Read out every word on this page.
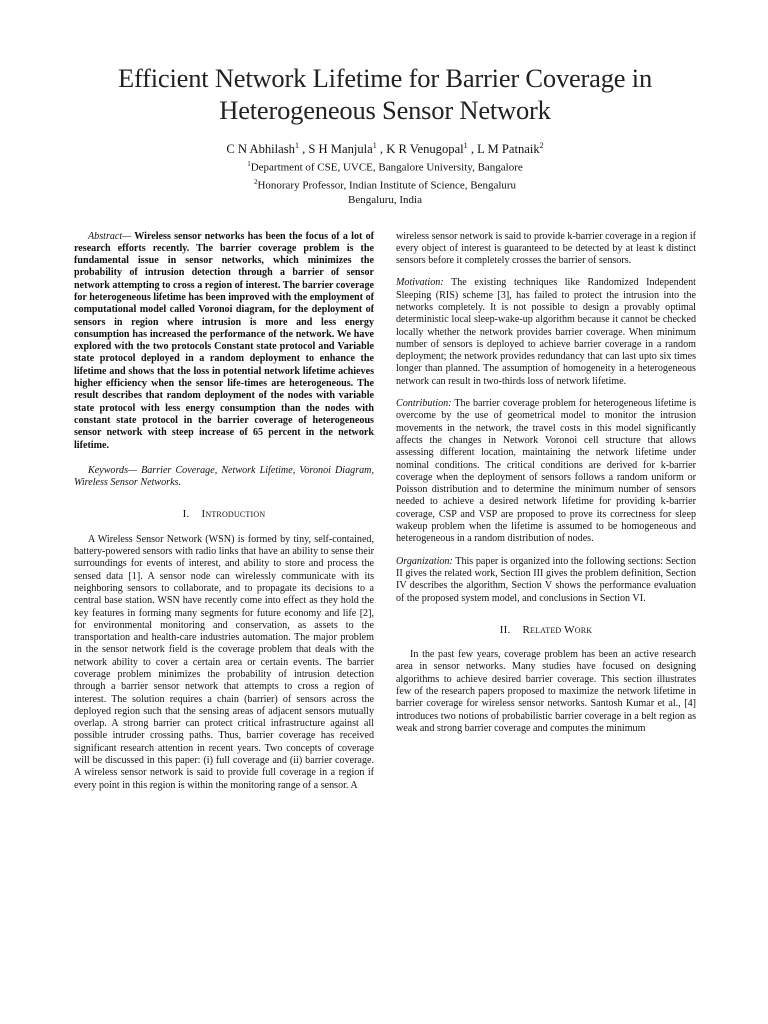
Efficient Network Lifetime for Barrier Coverage in
Heterogeneous Sensor Network
C N Abhilash$^1$ , S H Manjula$^1$ , K R Venugopal$^1$ , L M Patnaik$^2$
$^1$Department of CSE, UVCE, Bangalore University, Bangalore
$^2$Honorary Professor, Indian Institute of Science, Bengaluru
Bengaluru, India

Abstract— Wireless sensor networks has been the focus of a lot of research efforts recently. The barrier coverage problem is the fundamental issue in sensor networks, which minimizes the probability of intrusion detection through a barrier of sensor network attempting to cross a region of interest. The barrier coverage for heterogeneous lifetime has been improved with the employment of computational model called Voronoi diagram, for the deployment of sensors in region where intrusion is more and less energy consumption has increased the performance of the network. We have explored with the two protocols Constant state protocol and Variable state protocol deployed in a random deployment to enhance the lifetime and shows that the loss in potential network lifetime achieves higher efficiency when the sensor life-times are heterogeneous. The result describes that random deployment of the nodes with variable state protocol with less energy consumption than the nodes with constant state protocol in the barrier coverage of heterogeneous sensor network with steep increase of 65 percent in the network lifetime.

Keywords— Barrier Coverage, Network Lifetime, Voronoi Diagram, Wireless Sensor Networks.

I. Introduction

A Wireless Sensor Network (WSN) is formed by tiny, self-contained, battery-powered sensors with radio links that have an ability to sense their surroundings for events of interest, and ability to store and process the sensed data [1]. A sensor node can wirelessly communicate with its neighboring sensors to collaborate, and to propagate its decisions to a central base station. WSN have recently come into effect as they hold the key features in forming many segments for future economy and life [2], for environmental monitoring and conservation, as assets to the transportation and health-care industries automation. The major problem in the sensor network field is the coverage problem that deals with the network ability to cover a certain area or certain events. The barrier coverage problem minimizes the probability of intrusion detection through a barrier sensor network that attempts to cross a region of interest. The solution requires a chain (barrier) of sensors across the deployed region such that the sensing areas of adjacent sensors mutually overlap. A strong barrier can protect critical infrastructure against all possible intruder crossing paths. Thus, barrier coverage has received significant research attention in recent years. Two concepts of coverage will be discussed in this paper: (i) full coverage and (ii) barrier coverage. A wireless sensor network is said to provide full coverage in a region if every point in this region is within the monitoring range of a sensor. A

wireless sensor network is said to provide k-barrier coverage in a region if every object of interest is guaranteed to be detected by at least k distinct sensors before it completely crosses the barrier of sensors.

Motivation: The existing techniques like Randomized Independent Sleeping (RIS) scheme [3], has failed to protect the intrusion into the networks completely. It is not possible to design a provably optimal deterministic local sleep-wake-up algorithm because it cannot be checked locally whether the network provides barrier coverage. When minimum number of sensors is deployed to achieve barrier coverage in a random deployment; the network provides redundancy that can last upto six times longer than planned. The assumption of homogeneity in a heterogeneous network can result in two-thirds loss of network lifetime.

Contribution: The barrier coverage problem for heterogeneous lifetime is overcome by the use of geometrical model to monitor the intrusion movements in the network, the travel costs in this model significantly affects the changes in Network Voronoi cell structure that allows assessing different location, maintaining the network lifetime under nominal conditions. The critical conditions are derived for k-barrier coverage when the deployment of sensors follows a random uniform or Poisson distribution and to determine the minimum number of sensors needed to achieve a desired network lifetime for providing k-barrier coverage, CSP and VSP are proposed to prove its correctness for sleep wakeup problem when the lifetime is assumed to be homogeneous and heterogeneous in a random distribution of nodes.

Organization: This paper is organized into the following sections: Section II gives the related work, Section III gives the problem definition, Section IV describes the algorithm, Section V shows the performance evaluation of the proposed system model, and conclusions in Section VI.

II. Related Work

In the past few years, coverage problem has been an active research area in sensor networks. Many studies have focused on designing algorithms to achieve desired barrier coverage. This section illustrates few of the research papers proposed to maximize the network lifetime in barrier coverage for wireless sensor networks. Santosh Kumar et al., [4] introduces two notions of probabilistic barrier coverage in a belt region as weak and strong barrier coverage and computes the minimum
